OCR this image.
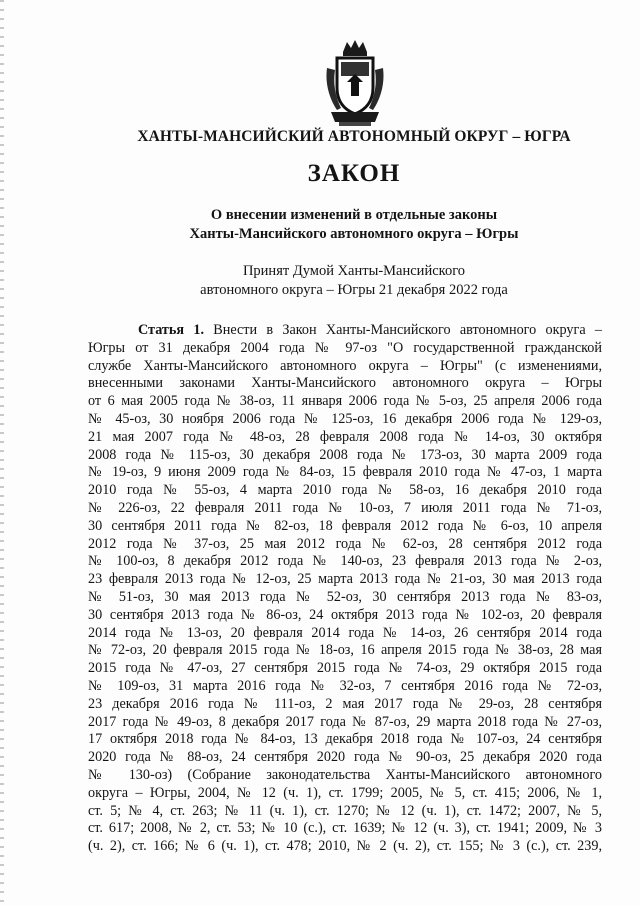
ХАНТЫ-МАНСИЙСКИЙ АВТОНОМНЫЙ ОКРУГ – ЮГРА
ЗАКОН
О внесении изменений в отдельные законы
Ханты-Мансийского автономного округа – Югры
Принят Думой Ханты-Мансийского
автономного округа – Югры 21 декабря 2022 года
Статья 1. Внести в Закон Ханты-Мансийского автономного округа –
Югры от 31 декабря 2004 года № 97-оз "О государственной гражданской
службе Ханты-Мансийского автономного округа – Югры" (с изменениями,
внесенными законами Ханты-Мансийского автономного округа – Югры
от 6 мая 2005 года № 38-оз, 11 января 2006 года № 5-оз, 25 апреля 2006 года
№ 45-оз, 30 ноября 2006 года № 125-оз, 16 декабря 2006 года № 129-оз,
21 мая 2007 года № 48-оз, 28 февраля 2008 года № 14-оз, 30 октября
2008 года № 115-оз, 30 декабря 2008 года № 173-оз, 30 марта 2009 года
№ 19-оз, 9 июня 2009 года № 84-оз, 15 февраля 2010 года № 47-оз, 1 марта
2010 года № 55-оз, 4 марта 2010 года № 58-оз, 16 декабря 2010 года
№ 226-оз, 22 февраля 2011 года № 10-оз, 7 июля 2011 года № 71-оз,
30 сентября 2011 года № 82-оз, 18 февраля 2012 года № 6-оз, 10 апреля
2012 года № 37-оз, 25 мая 2012 года № 62-оз, 28 сентября 2012 года
№ 100-оз, 8 декабря 2012 года № 140-оз, 23 февраля 2013 года № 2-оз,
23 февраля 2013 года № 12-оз, 25 марта 2013 года № 21-оз, 30 мая 2013 года
№ 51-оз, 30 мая 2013 года № 52-оз, 30 сентября 2013 года № 83-оз,
30 сентября 2013 года № 86-оз, 24 октября 2013 года № 102-оз, 20 февраля
2014 года № 13-оз, 20 февраля 2014 года № 14-оз, 26 сентября 2014 года
№ 72-оз, 20 февраля 2015 года № 18-оз, 16 апреля 2015 года № 38-оз, 28 мая
2015 года № 47-оз, 27 сентября 2015 года № 74-оз, 29 октября 2015 года
№ 109-оз, 31 марта 2016 года № 32-оз, 7 сентября 2016 года № 72-оз,
23 декабря 2016 года № 111-оз, 2 мая 2017 года № 29-оз, 28 сентября
2017 года № 49-оз, 8 декабря 2017 года № 87-оз, 29 марта 2018 года № 27-оз,
17 октября 2018 года № 84-оз, 13 декабря 2018 года № 107-оз, 24 сентября
2020 года № 88-оз, 24 сентября 2020 года № 90-оз, 25 декабря 2020 года
№ 130-оз) (Собрание законодательства Ханты-Мансийского автономного
округа – Югры, 2004, № 12 (ч. 1), ст. 1799; 2005, № 5, ст. 415; 2006, № 1,
ст. 5; № 4, ст. 263; № 11 (ч. 1), ст. 1270; № 12 (ч. 1), ст. 1472; 2007, № 5,
ст. 617; 2008, № 2, ст. 53; № 10 (с.), ст. 1639; № 12 (ч. 3), ст. 1941; 2009, № 3
(ч. 2), ст. 166; № 6 (ч. 1), ст. 478; 2010, № 2 (ч. 2), ст. 155; № 3 (с.), ст. 239,
